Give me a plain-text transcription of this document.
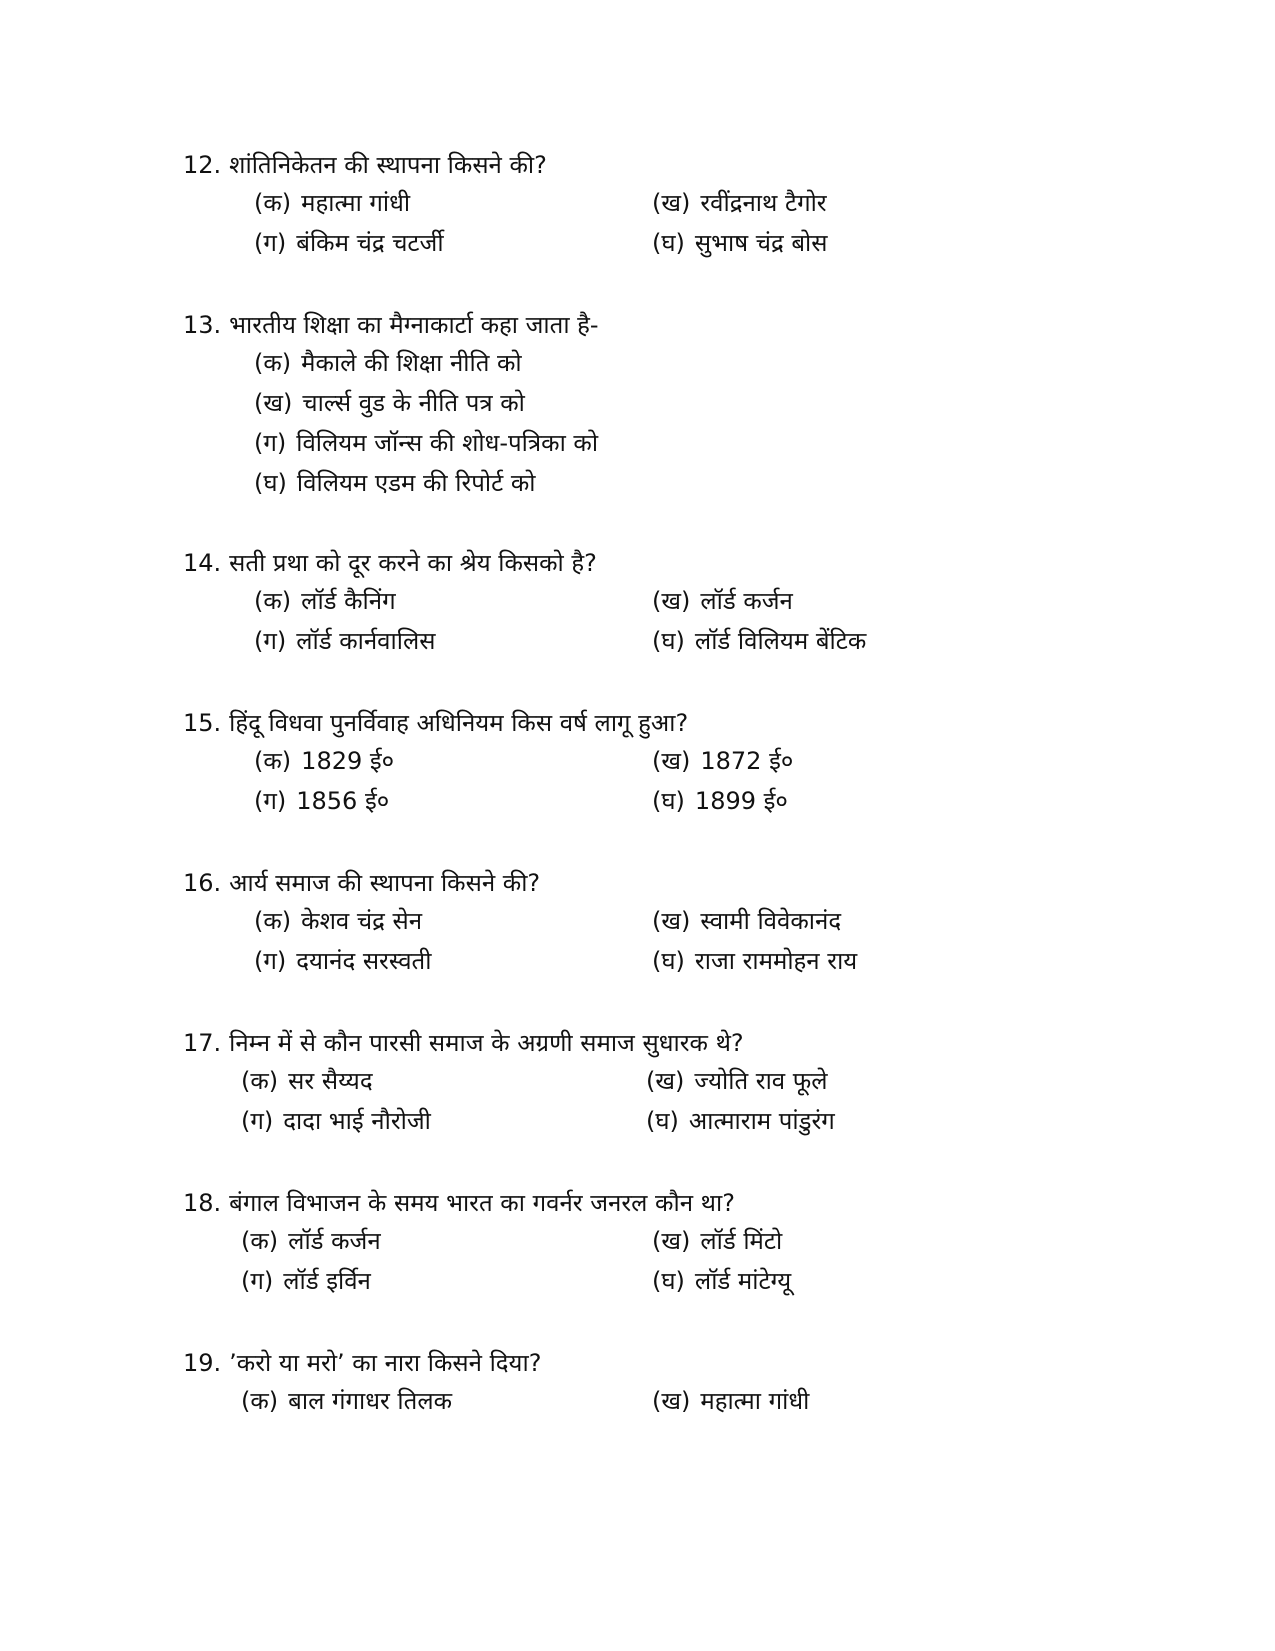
12. शांतिनिकेतन की स्थापना किसने की?
(क) महात्मा गांधी	(ख) रवींद्रनाथ टैगोर
(ग) बंकिम चंद्र चटर्जी	(घ) सुभाष चंद्र बोस
13. भारतीय शिक्षा का मैग्नाकार्टा कहा जाता है-
(क) मैकाले की शिक्षा नीति को
(ख) चार्ल्स वुड के नीति पत्र को
(ग) विलियम जॉन्स की शोध-पत्रिका को
(घ) विलियम एडम की रिपोर्ट को
14. सती प्रथा को दूर करने का श्रेय किसको है?
(क) लॉर्ड कैनिंग	(ख) लॉर्ड कर्जन
(ग) लॉर्ड कार्नवालिस	(घ) लॉर्ड विलियम बेंटिक
15. हिंदू विधवा पुनर्विवाह अधिनियम किस वर्ष लागू हुआ?
(क) 1829 ई०	(ख) 1872 ई०
(ग) 1856 ई०	(घ) 1899 ई०
16. आर्य समाज की स्थापना किसने की?
(क) केशव चंद्र सेन	(ख) स्वामी विवेकानंद
(ग) दयानंद सरस्वती	(घ) राजा राममोहन राय
17. निम्न में से कौन पारसी समाज के अग्रणी समाज सुधारक थे?
(क) सर सैय्यद	(ख) ज्योति राव फूले
(ग) दादा भाई नौरोजी	(घ) आत्माराम पांडुरंग
18. बंगाल विभाजन के समय भारत का गवर्नर जनरल कौन था?
(क) लॉर्ड कर्जन	(ख) लॉर्ड मिंटो
(ग) लॉर्ड इर्विन	(घ) लॉर्ड मांटेग्यू
19. ’करो या मरो’ का नारा किसने दिया?
(क) बाल गंगाधर तिलक	(ख) महात्मा गांधी
